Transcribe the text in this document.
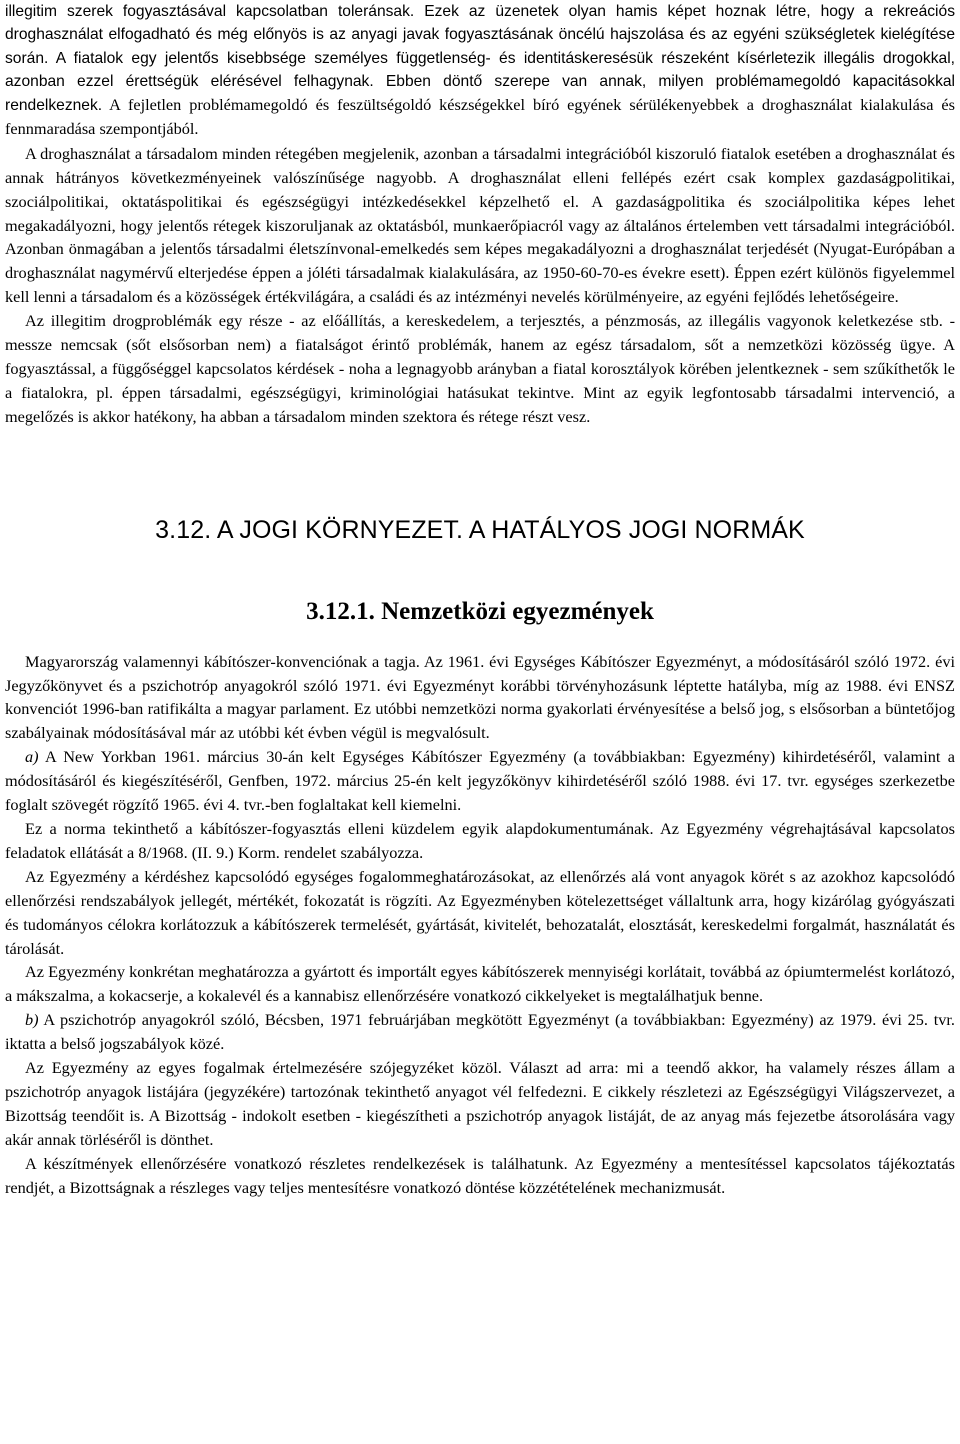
illegitim szerek fogyasztásával kapcsolatban toleránsak. Ezek az üzenetek olyan hamis képet hoznak létre, hogy a rekreációs droghasználat elfogadható és még előnyös is az anyagi javak fogyasztásának öncélú hajszolása és az egyéni szükségletek kielégítése során. A fiatalok egy jelentős kisebbsége személyes függetlenség- és identitáskeresésük részeként kísérletezik illegális drogokkal, azonban ezzel érettségük elérésével felhagynak. Ebben döntő szerepe van annak, milyen problémamegoldó kapacitásokkal rendelkeznek. A fejletlen problémamegoldó és feszültségoldó készségekkel bíró egyének sérülékenyebbek a droghasználat kialakulása és fennmaradása szempontjából.

A droghasználat a társadalom minden rétegében megjelenik, azonban a társadalmi integrációból kiszoruló fiatalok esetében a droghasználat és annak hátrányos következményeinek valószínűsége nagyobb. A droghasználat elleni fellépés ezért csak komplex gazdaságpolitikai, szociálpolitikai, oktatáspolitikai és egészségügyi intézkedésekkel képzelhető el. A gazdaságpolitika és szociálpolitika képes lehet megakadályozni, hogy jelentős rétegek kiszoruljanak az oktatásból, munkaerőpiacról vagy az általános értelemben vett társadalmi integrációból. Azonban önmagában a jelentős társadalmi életszínvonal-emelkedés sem képes megakadályozni a droghasználat terjedését (Nyugat-Európában a droghasználat nagymérvű elterjedése éppen a jóléti társadalmak kialakulására, az 1950-60-70-es évekre esett). Éppen ezért különös figyelemmel kell lenni a társadalom és a közösségek értékvilágára, a családi és az intézményi nevelés körülményeire, az egyéni fejlődés lehetőségeire.

Az illegitim drogproblémák egy része - az előállítás, a kereskedelem, a terjesztés, a pénzmosás, az illegális vagyonok keletkezése stb. - messze nemcsak (sőt elsősorban nem) a fiatalságot érintő problémák, hanem az egész társadalom, sőt a nemzetközi közösség ügye. A fogyasztással, a függőséggel kapcsolatos kérdések - noha a legnagyobb arányban a fiatal korosztályok körében jelentkeznek - sem szűkíthetők le a fiatalokra, pl. éppen társadalmi, egészségügyi, kriminológiai hatásukat tekintve. Mint az egyik legfontosabb társadalmi intervenció, a megelőzés is akkor hatékony, ha abban a társadalom minden szektora és rétege részt vesz.

3.12. A JOGI KÖRNYEZET. A HATÁLYOS JOGI NORMÁK
3.12.1. Nemzetközi egyezmények

Magyarország valamennyi kábítószer-konvenciónak a tagja. Az 1961. évi Egységes Kábítószer Egyezményt, a módosításáról szóló 1972. évi Jegyzőkönyvet és a pszichotróp anyagokról szóló 1971. évi Egyezményt korábbi törvényhozásunk léptette hatályba, míg az 1988. évi ENSZ konvenciót 1996-ban ratifikálta a magyar parlament. Ez utóbbi nemzetközi norma gyakorlati érvényesítése a belső jog, s elsősorban a büntetőjog szabályainak módosításával már az utóbbi két évben végül is megvalósult.

a) A New Yorkban 1961. március 30-án kelt Egységes Kábítószer Egyezmény (a továbbiakban: Egyezmény) kihirdetéséről, valamint a módosításáról és kiegészítéséről, Genfben, 1972. március 25-én kelt jegyzőkönyv kihirdetéséről szóló 1988. évi 17. tvr. egységes szerkezetbe foglalt szövegét rögzítő 1965. évi 4. tvr.-ben foglaltakat kell kiemelni.

Ez a norma tekinthető a kábítószer-fogyasztás elleni küzdelem egyik alapdokumentumának. Az Egyezmény végrehajtásával kapcsolatos feladatok ellátását a 8/1968. (II. 9.) Korm. rendelet szabályozza.

Az Egyezmény a kérdéshez kapcsolódó egységes fogalommeghatározásokat, az ellenőrzés alá vont anyagok körét s az azokhoz kapcsolódó ellenőrzési rendszabályok jellegét, mértékét, fokozatát is rögzíti. Az Egyezményben kötelezettséget vállaltunk arra, hogy kizárólag gyógyászati és tudományos célokra korlátozzuk a kábítószerek termelését, gyártását, kivitelét, behozatalát, elosztását, kereskedelmi forgalmát, használatát és tárolását.

Az Egyezmény konkrétan meghatározza a gyártott és importált egyes kábítószerek mennyiségi korlátait, továbbá az ópiumtermelést korlátozó, a mákszalma, a kokacserje, a kokalevél és a kannabisz ellenőrzésére vonatkozó cikkelyeket is megtalálhatjuk benne.

b) A pszichotróp anyagokról szóló, Bécsben, 1971 februárjában megkötött Egyezményt (a továbbiakban: Egyezmény) az 1979. évi 25. tvr. iktatta a belső jogszabályok közé.

Az Egyezmény az egyes fogalmak értelmezésére szójegyzéket közöl. Választ ad arra: mi a teendő akkor, ha valamely részes állam a pszichotróp anyagok listájára (jegyzékére) tartozónak tekinthető anyagot vél felfedezni. E cikkely részletezi az Egészségügyi Világszervezet, a Bizottság teendőit is. A Bizottság - indokolt esetben - kiegészítheti a pszichotróp anyagok listáját, de az anyag más fejezetbe átsorolására vagy akár annak törléséről is dönthet.

A készítmények ellenőrzésére vonatkozó részletes rendelkezések is találhatunk. Az Egyezmény a mentesítéssel kapcsolatos tájékoztatás rendjét, a Bizottságnak a részleges vagy teljes mentesítésre vonatkozó döntése közzétételének mechanizmusát.
